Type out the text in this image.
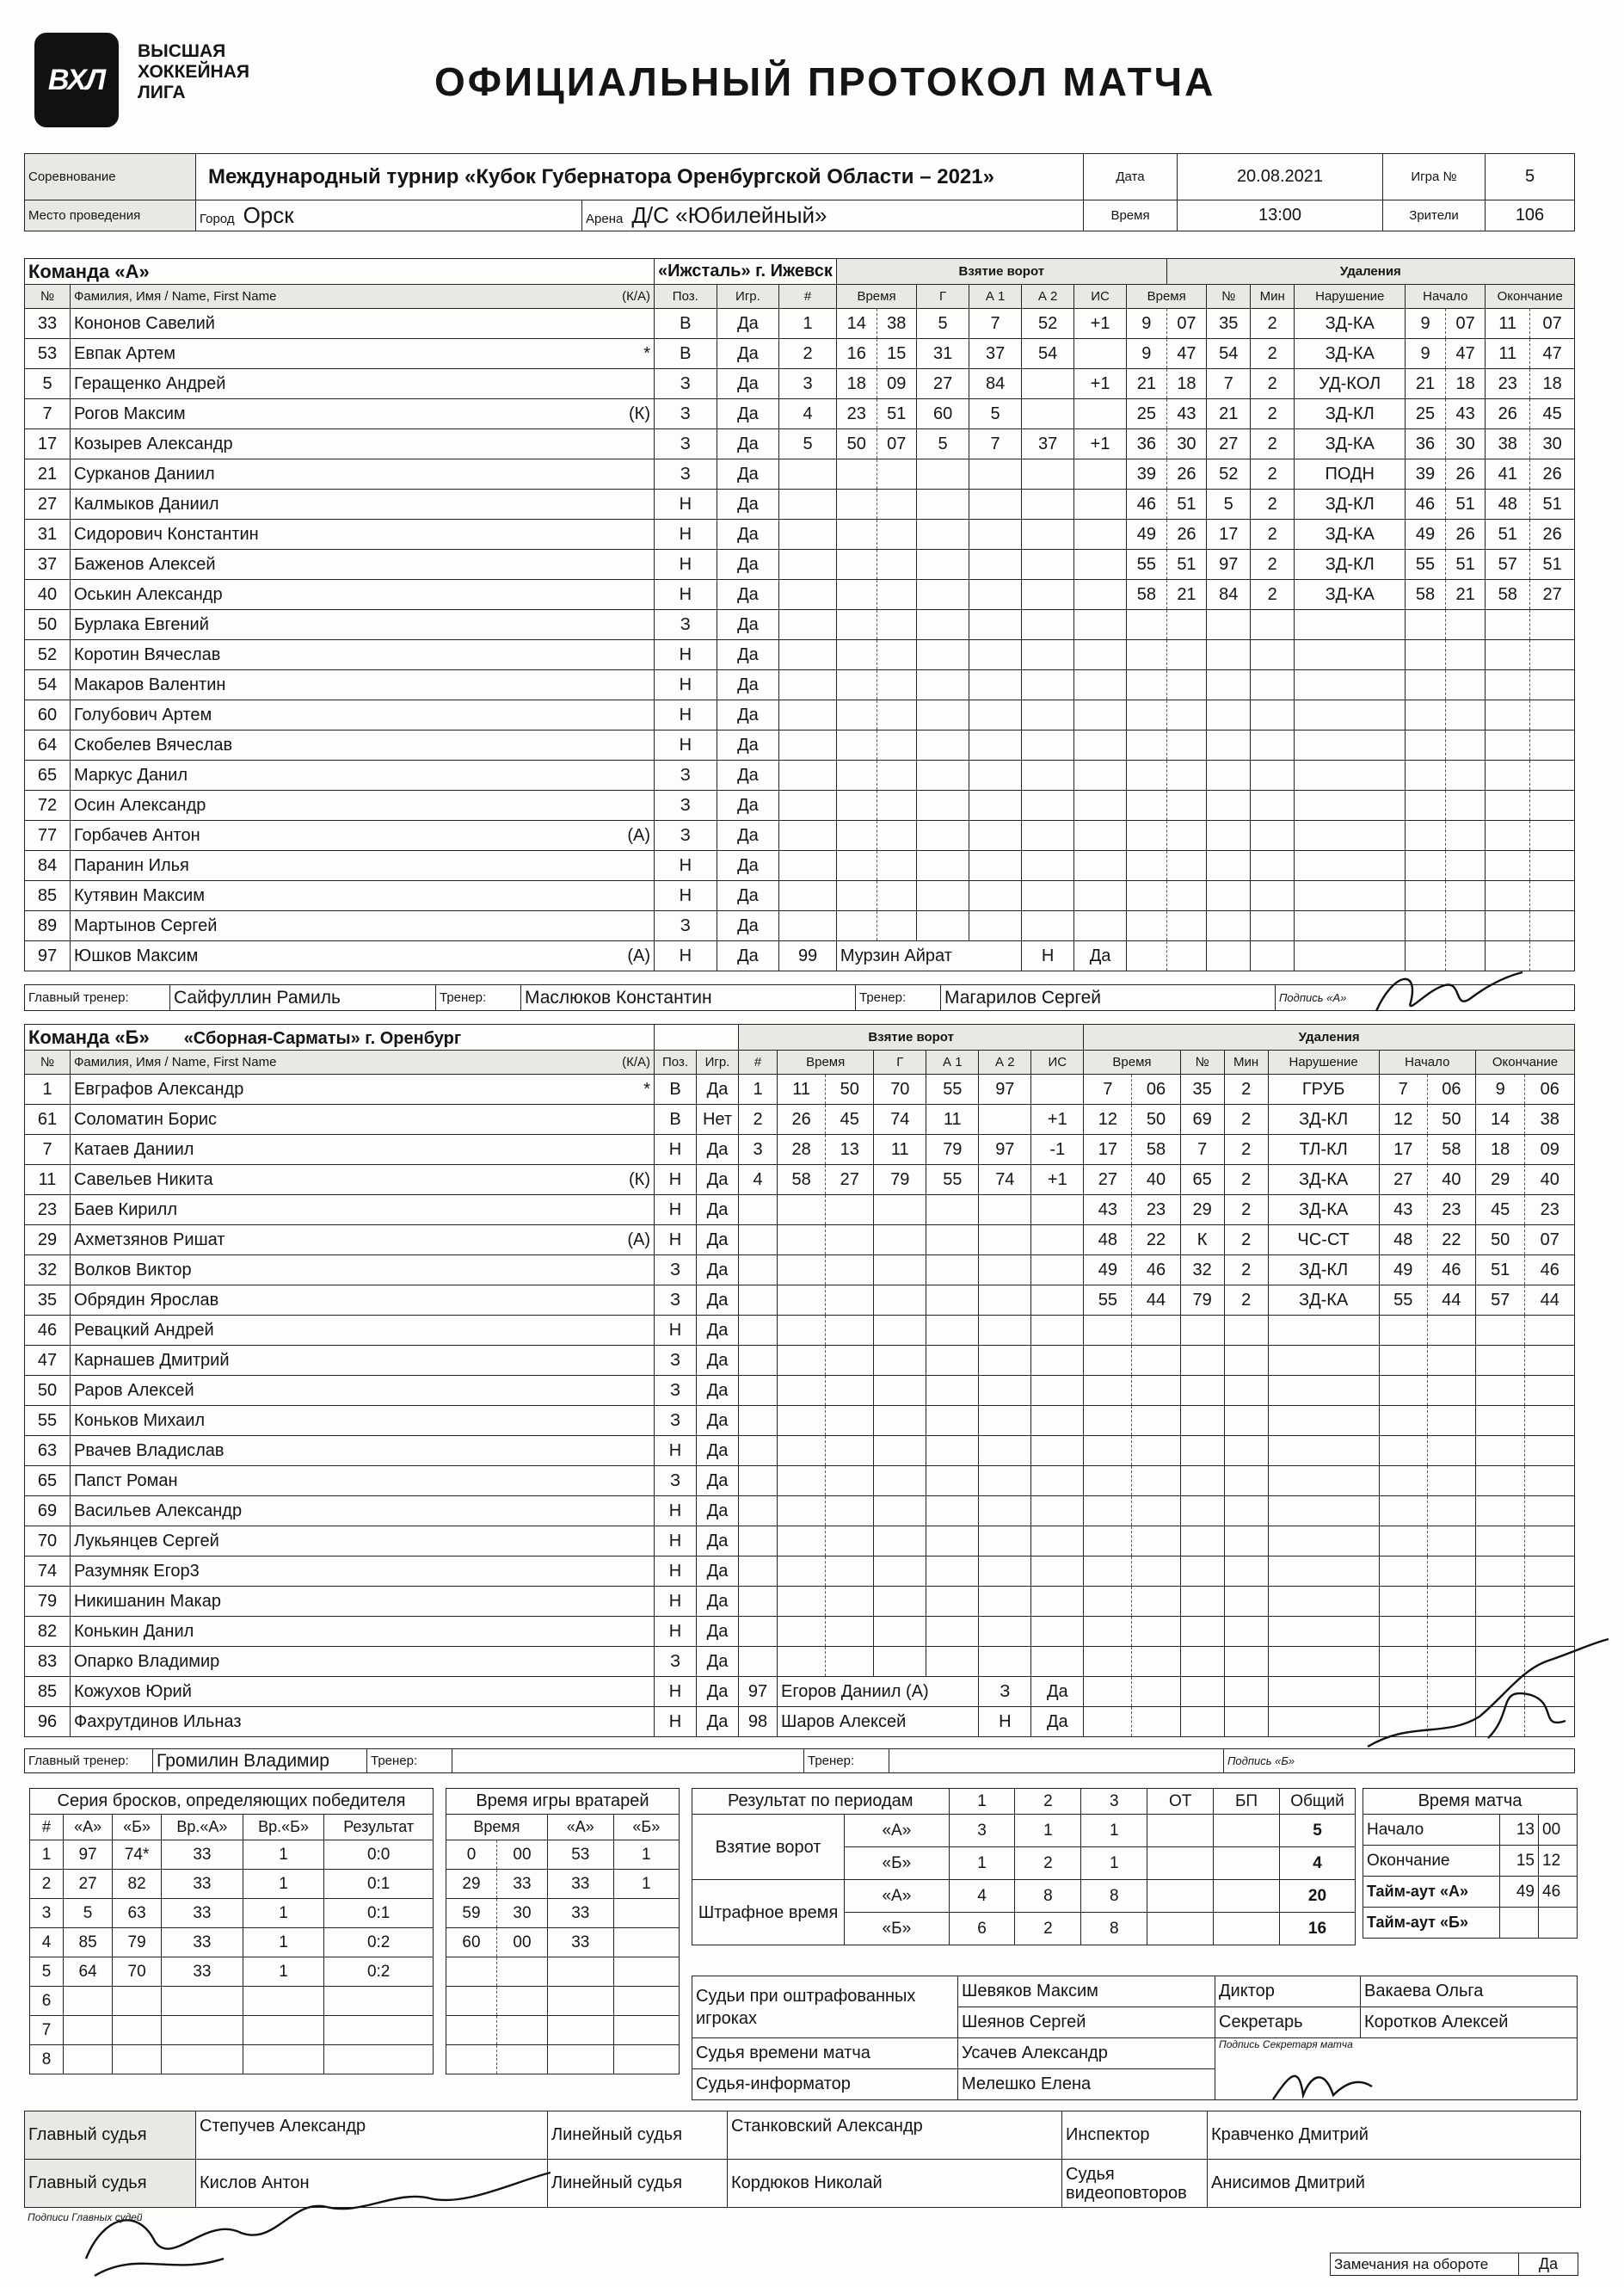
ВХЛ
ВЫСШАЯ
ХОККЕЙНАЯ
ЛИГА	ОФИЦИАЛЬНЫЙ ПРОТОКОЛ МАТЧА
Соревнование	Международный турнир «Кубок Губернатора Оренбургской Области – 2021»		Дата	20.08.2021	Игра №	5
Место проведения	Город Орск	Арена Д/С «Юбилейный»	Время	13:00	Зрители	106
Команда «А»		«Ижсталь» г. Ижевск			Взятие ворот							Удаления							
№	Фамилия, Имя / Name, First Name (К/А)	Поз.	Игр.	#	Время		Г	А 1	А 2	ИС	Время		№	Мин	Нарушение	Начало		Окончание	
33	Кононов Савелий	В	Да	1	14	38	5	7	52	+1	9	07	35	2	ЗД-КА	9	07	11	07
53	Евпак Артем *	В	Да	2	16	15	31	37	54		9	47	54	2	ЗД-КА	9	47	11	47
5	Геращенко Андрей	З	Да	3	18	09	27	84		+1	21	18	7	2	УД-КОЛ	21	18	23	18
7	Рогов Максим (К)	З	Да	4	23	51	60	5			25	43	21	2	ЗД-КЛ	25	43	26	45
17	Козырев Александр	З	Да	5	50	07	5	7	37	+1	36	30	27	2	ЗД-КА	36	30	38	30
21	Сурканов Даниил	З	Да								39	26	52	2	ПОДН	39	26	41	26
27	Калмыков Даниил	Н	Да								46	51	5	2	ЗД-КЛ	46	51	48	51
31	Сидорович Константин	Н	Да								49	26	17	2	ЗД-КА	49	26	51	26
37	Баженов Алексей	Н	Да								55	51	97	2	ЗД-КЛ	55	51	57	51
40	Оськин Александр	Н	Да								58	21	84	2	ЗД-КА	58	21	58	27
50	Бурлака Евгений	З	Да																
52	Коротин Вячеслав	Н	Да																
54	Макаров Валентин	Н	Да																
60	Голубович Артем	Н	Да																
64	Скобелев Вячеслав	Н	Да																
65	Маркус Данил	З	Да																
72	Осин Александр	З	Да																
77	Горбачев Антон (А)	З	Да																
84	Паранин Илья	Н	Да																
85	Кутявин Максим	Н	Да																
89	Мартынов Сергей	З	Да																
97	Юшков Максим (А)	Н	Да	99	Мурзин Айрат				Н	Да									
Главный тренер:	Сайфуллин Рамиль	Тренер:	Маслюков Константин	Тренер:	Магарилов Сергей	Подпись «А»
Команда «Б» «Сборная-Сарматы» г. Оренбург				Взятие ворот							Удаления								
№	Фамилия, Имя / Name, First Name (К/А)	Поз.	Игр.	#	Время		Г	А 1	А 2	ИС	Время		№	Мин	Нарушение	Начало		Окончание	
1	Евграфов Александр *	В	Да	1	11	50	70	55	97		7	06	35	2	ГРУБ	7	06	9	06
61	Соломатин Борис	В	Нет	2	26	45	74	11		+1	12	50	69	2	ЗД-КЛ	12	50	14	38
7	Катаев Даниил	Н	Да	3	28	13	11	79	97	-1	17	58	7	2	ТЛ-КЛ	17	58	18	09
11	Савельев Никита (К)	Н	Да	4	58	27	79	55	74	+1	27	40	65	2	ЗД-КА	27	40	29	40
23	Баев Кирилл	Н	Да								43	23	29	2	ЗД-КА	43	23	45	23
29	Ахметзянов Ришат (А)	Н	Да								48	22	К	2	ЧС-СТ	48	22	50	07
32	Волков Виктор	З	Да								49	46	32	2	ЗД-КЛ	49	46	51	46
35	Обрядин Ярослав	З	Да								55	44	79	2	ЗД-КА	55	44	57	44
46	Ревацкий Андрей	Н	Да																
47	Карнашев Дмитрий	З	Да																
50	Раров Алексей	З	Да																
55	Коньков Михаил	З	Да																
63	Рвачев Владислав	Н	Да																
65	Папст Роман	З	Да																
69	Васильев Александр	Н	Да																
70	Лукьянцев Сергей	Н	Да																
74	Разумняк Егор3	Н	Да																
79	Никишанин Макар	Н	Да																
82	Конькин Данил	Н	Да																
83	Опарко Владимир	З	Да																
85	Кожухов Юрий	Н	Да	97	Егоров Даниил (А)				З	Да									
96	Фахрутдинов Ильназ	Н	Да	98	Шаров Алексей				Н	Да									
Главный тренер:	Громилин Владимир	Тренер:		Тренер:		Подпись «Б»
Серия бросков, определяющих победителя					
#	«А»	«Б»	Вр.«А»	Вр.«Б»	Результат
1	97	74*	33	1	0:0
2	27	82	33	1	0:1
3	5	63	33	1	0:1
4	85	79	33	1	0:2
5	64	70	33	1	0:2
6					
7					
8					
Время игры вратарей			
Время		«А»	«Б»
0	00	53	1
29	33	33	1
59	30	33	
60	00	33	

Результат по периодам		1	2	3	ОТ	БП	Общий
Взятие ворот	«А»	3	1	1			5
	«Б»	1	2	1			4
Штрафное время	«А»	4	8	8			20
	«Б»	6	2	8			16
Время матча		
Начало	13	00
Окончание	15	12
Тайм-аут «А»	49	46
Тайм-аут «Б»		
Судьи при оштрафованных игроках	Шевяков Максим	Диктор	Вакаева Ольга
	Шеянов Сергей	Секретарь	Коротков Алексей
Судья времени матча	Усачев Александр	Подпись Секретаря матча	
Судья-информатор	Мелешко Елена		
Главный судья	Степучев Александр	Линейный судья	Станковский Александр	Инспектор	Кравченко Дмитрий
Главный судья	Кислов Антон	Линейный судья	Кордюков Николай	Судья видеоповторов	Анисимов Дмитрий
Подписи Главных судей
Замечания на обороте	Да
